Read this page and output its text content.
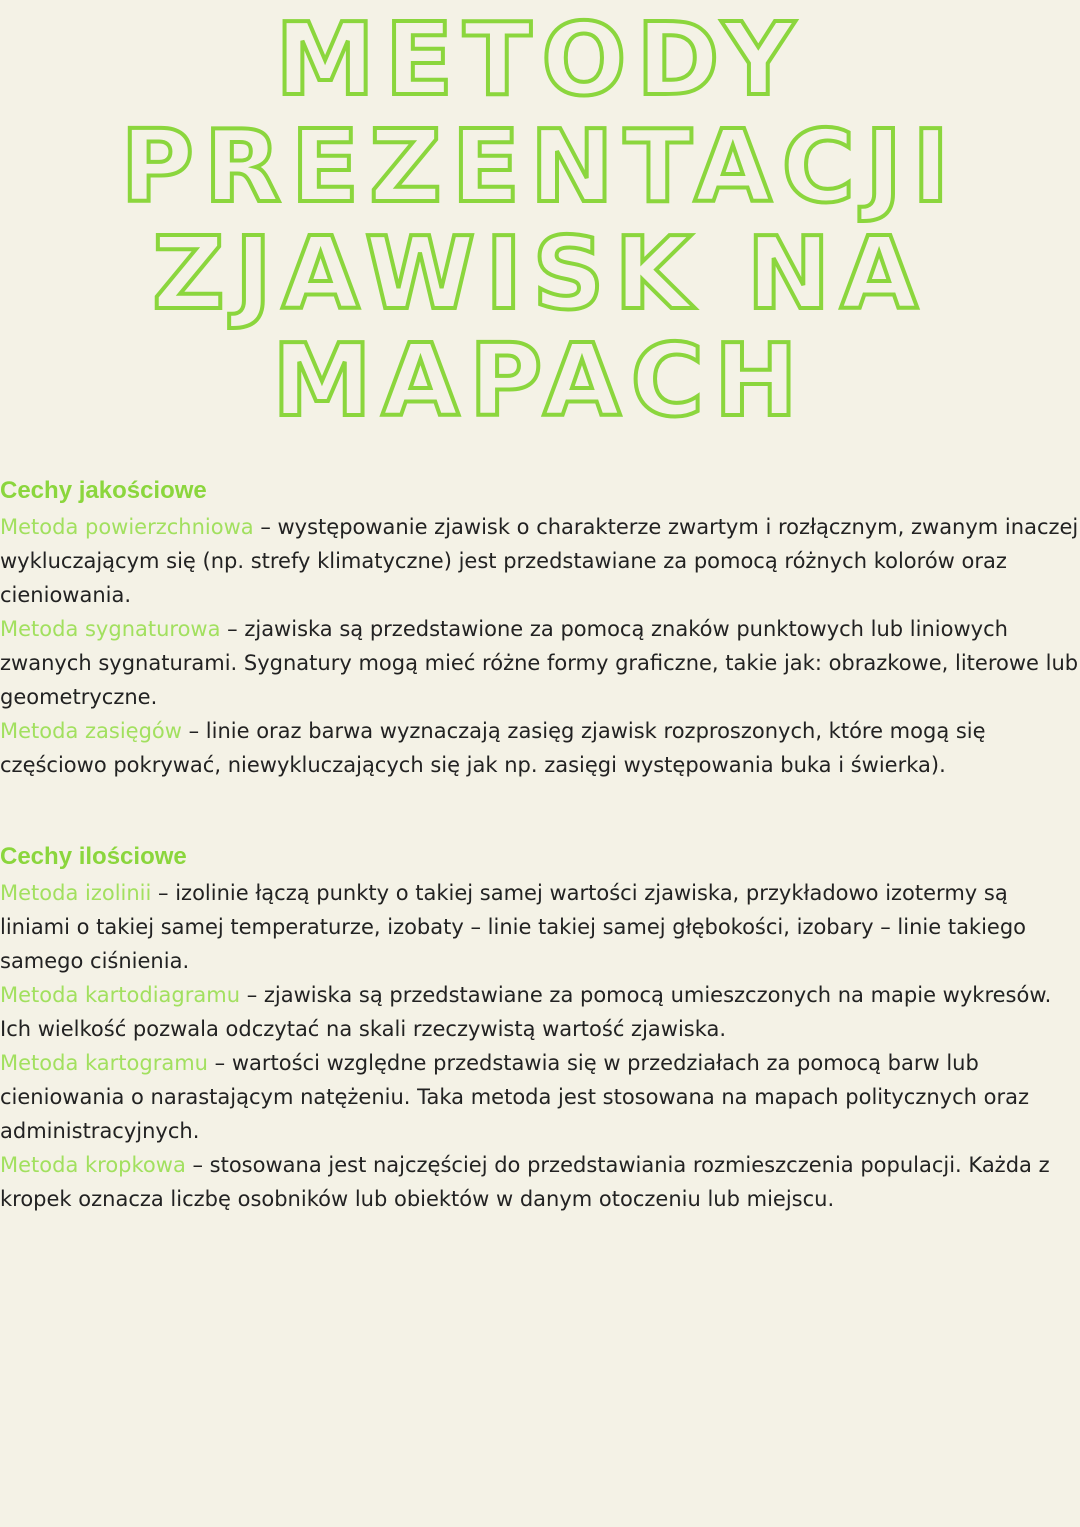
METODY
PREZENTACJI
ZJAWISK NA
MAPACH
Cechy jakościowe

Metoda powierzchniowa – występowanie zjawisk o charakterze zwartym i rozłącznym, zwanym inaczej wykluczającym się (np. strefy klimatyczne) jest przedstawiane za pomocą różnych kolorów oraz cieniowania.

Metoda sygnaturowa – zjawiska są przedstawione za pomocą znaków punktowych lub liniowych zwanych sygnaturami. Sygnatury mogą mieć różne formy graficzne, takie jak: obrazkowe, literowe lub geometryczne.

Metoda zasięgów – linie oraz barwa wyznaczają zasięg zjawisk rozproszonych, które mogą się częściowo pokrywać, niewykluczających się jak np. zasięgi występowania buka i świerka).

Cechy ilościowe

Metoda izolinii – izolinie łączą punkty o takiej samej wartości zjawiska, przykładowo izotermy są liniami o takiej samej temperaturze, izobaty – linie takiej samej głębokości, izobary – linie takiego samego ciśnienia.

Metoda kartodiagramu – zjawiska są przedstawiane za pomocą umieszczonych na mapie wykresów. Ich wielkość pozwala odczytać na skali rzeczywistą wartość zjawiska.

Metoda kartogramu – wartości względne przedstawia się w przedziałach za pomocą barw lub cieniowania o narastającym natężeniu. Taka metoda jest stosowana na mapach politycznych oraz administracyjnych.

Metoda kropkowa – stosowana jest najczęściej do przedstawiania rozmieszczenia populacji. Każda z kropek oznacza liczbę osobników lub obiektów w danym otoczeniu lub miejscu.
